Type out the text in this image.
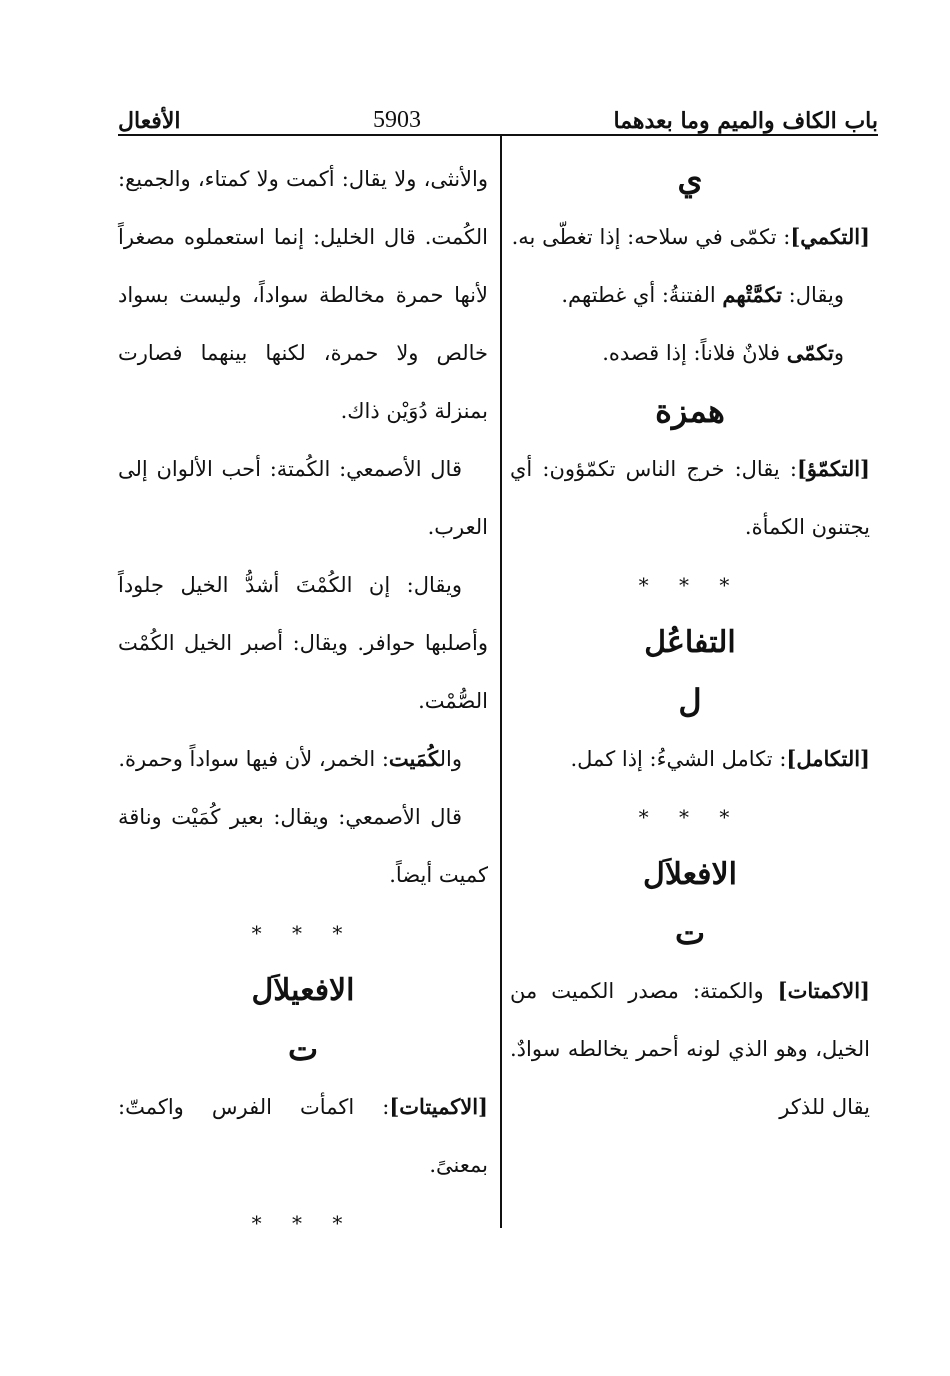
باب الكاف والميم وما بعدهما
5903
الأفعال
ي

[التكمي]: تكمّى في سلاحه: إذا تغطّى به.

ويقال: تكمَّتْهم الفتنةُ: أي غطتهم.

وتكمّى فلانٌ فلاناً: إذا قصده.

همزة

[التكمّؤ]: يقال: خرج الناس تكمّؤون: أي يجتنون الكمأة.

* * *
التفاعُل
ل

[التكامل]: تكامل الشيءُ: إذا كمل.

* * *
الافعلاَل
ت

[الاكمتات] والكمتة: مصدر الكميت من الخيل، وهو الذي لونه أحمر يخالطه سوادٌ. يقال للذكر

والأنثى، ولا يقال: أكمت ولا كمتاء، والجميع: الكُمت. قال الخليل: إنما استعملوه مصغراً لأنها حمرة مخالطة سواداً، وليست بسواد خالص ولا حمرة، لكنها بينهما فصارت بمنزلة دُوَيْن ذاك.

قال الأصمعي: الكُمتة: أحب الألوان إلى العرب.

ويقال: إن الكُمْتَ أشدُّ الخيل جلوداً وأصلبها حوافر. ويقال: أصبر الخيل الكُمْت الصُّمْت.

والكُمَيت: الخمر، لأن فيها سواداً وحمرة.

قال الأصمعي: ويقال: بعير كُمَيْت وناقة كميت أيضاً.

* * *
الافعيلاَل
ت

[الاكميتات]: اكمأت الفرس واكمتّ: بمعنىً.

* * *
